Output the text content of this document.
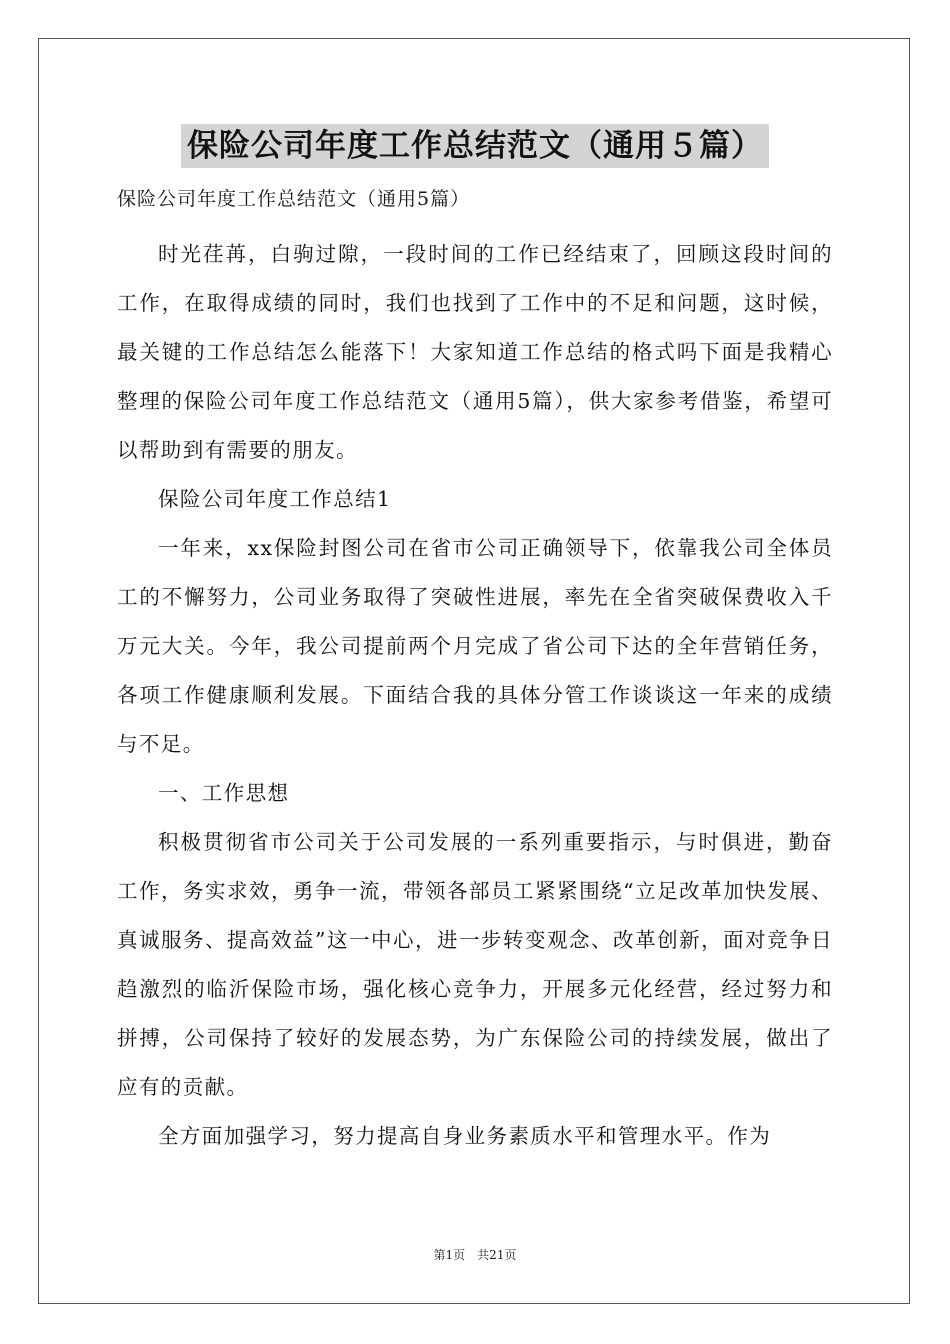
保险公司年度工作总结范文（通用５篇）
保险公司年度工作总结范文（通用5篇）

时光荏苒，白驹过隙，一段时间的工作已经结束了，回顾这段时间的工作，在取得成绩的同时，我们也找到了工作中的不足和问题，这时候，最关键的工作总结怎么能落下！大家知道工作总结的格式吗下面是我精心整理的保险公司年度工作总结范文（通用5篇），供大家参考借鉴，希望可以帮助到有需要的朋友。

保险公司年度工作总结1

一年来，xx保险封图公司在省市公司正确领导下，依靠我公司全体员工的不懈努力，公司业务取得了突破性进展，率先在全省突破保费收入千万元大关。今年，我公司提前两个月完成了省公司下达的全年营销任务，各项工作健康顺利发展。下面结合我的具体分管工作谈谈这一年来的成绩与不足。

一、工作思想

积极贯彻省市公司关于公司发展的一系列重要指示，与时俱进，勤奋工作，务实求效，勇争一流，带领各部员工紧紧围绕“立足改革加快发展、真诚服务、提高效益”这一中心，进一步转变观念、改革创新，面对竞争日趋激烈的临沂保险市场，强化核心竞争力，开展多元化经营，经过努力和拼搏，公司保持了较好的发展态势，为广东保险公司的持续发展，做出了应有的贡献。

全方面加强学习，努力提高自身业务素质水平和管理水平。作为

第1页　共21页
